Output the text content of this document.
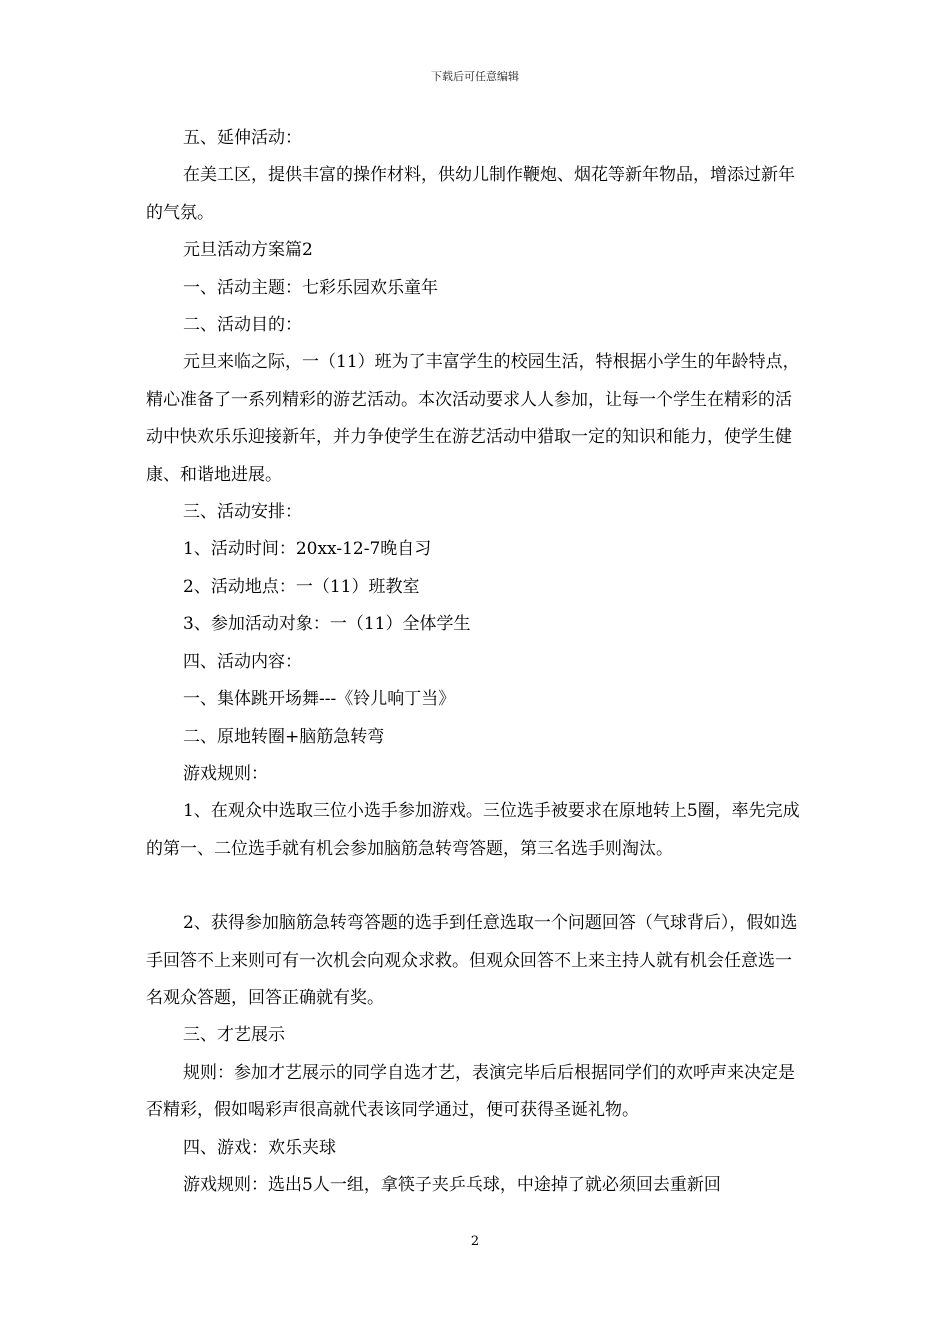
下载后可任意编辑

五、延伸活动：

在美工区，提供丰富的操作材料，供幼儿制作鞭炮、烟花等新年物品，增添过新年的气氛。

元旦活动方案篇2

一、活动主题：七彩乐园欢乐童年

二、活动目的：

元旦来临之际，一（11）班为了丰富学生的校园生活，特根据小学生的年龄特点，精心准备了一系列精彩的游艺活动。本次活动要求人人参加，让每一个学生在精彩的活动中快欢乐乐迎接新年，并力争使学生在游艺活动中猎取一定的知识和能力，使学生健康、和谐地进展。

三、活动安排：

1、活动时间：20xx-12-7晚自习

2、活动地点：一（11）班教室

3、参加活动对象：一（11）全体学生

四、活动内容：

一、集体跳开场舞---《铃儿响丁当》

二、原地转圈+脑筋急转弯

游戏规则：

1、在观众中选取三位小选手参加游戏。三位选手被要求在原地转上5圈，率先完成的第一、二位选手就有机会参加脑筋急转弯答题，第三名选手则淘汰。

2、获得参加脑筋急转弯答题的选手到任意选取一个问题回答（气球背后），假如选手回答不上来则可有一次机会向观众求救。但观众回答不上来主持人就有机会任意选一名观众答题，回答正确就有奖。

三、才艺展示

规则：参加才艺展示的同学自选才艺，表演完毕后后根据同学们的欢呼声来决定是否精彩，假如喝彩声很高就代表该同学通过，便可获得圣诞礼物。

四、游戏：欢乐夹球

游戏规则：选出5人一组，拿筷子夹乒乓球，中途掉了就必须回去重新回

2
